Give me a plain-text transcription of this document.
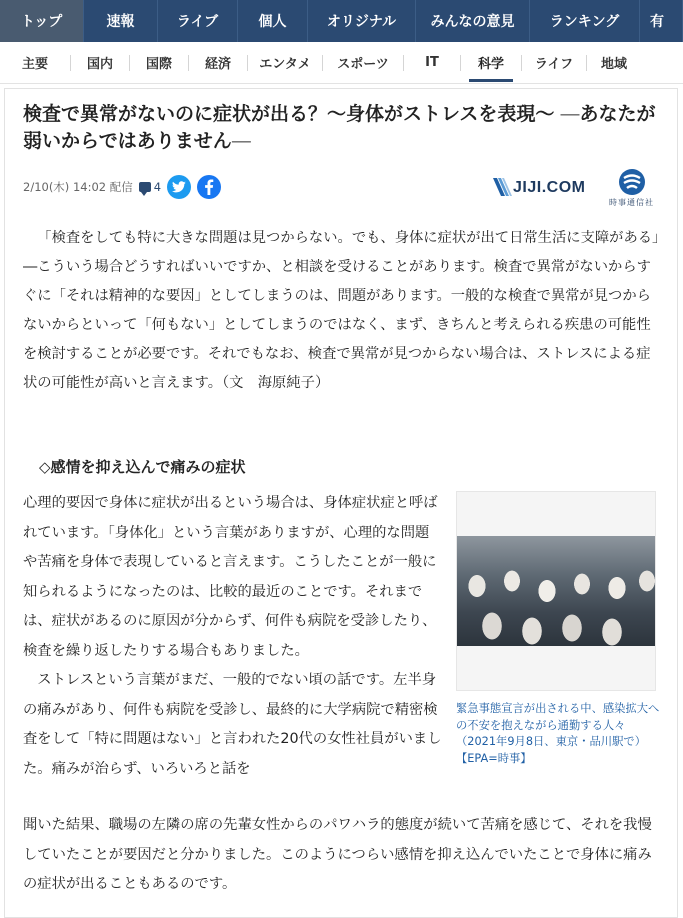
トップ	速報	ライブ	個人	オリジナル	みんなの意見	ランキング	有
主要	国内	国際	経済	エンタメ	スポーツ	IT	科学	ライフ	地域
検査で異常がないのに症状が出る？〜身体がストレスを表現〜 ―あなたが弱いからではありません―
2/10(木) 14:02 配信 4	JIJI.COM
時事通信社

「検査をしても特に大きな問題は見つからない。でも、身体に症状が出て日常生活に支障がある」―こういう場合どうすればいいですか、と相談を受けることがあります。検査で異常がないからすぐに「それは精神的な要因」としてしまうのは、問題があります。一般的な検査で異常が見つからないからといって「何もない」としてしまうのではなく、まず、きちんと考えられる疾患の可能性を検討することが必要です。それでもなお、検査で異常が見つからない場合は、ストレスによる症状の可能性が高いと言えます。（文　海原純子）

◇感情を抑え込んで痛みの症状

心理的要因で身体に症状が出るという場合は、身体症状症と呼ばれています。「身体化」という言葉がありますが、心理的な問題や苦痛を身体で表現していると言えます。こうしたことが一般に知られるようになったのは、比較的最近のことです。それまでは、症状があるのに原因が分からず、何件も病院を受診したり、検査を繰り返したりする場合もありました。

ストレスという言葉がまだ、一般的でない頃の話です。左半身の痛みがあり、何件も病院を受診し、最終的に大学病院で精密検査をして「特に問題はない」と言われた20代の女性社員がいました。痛みが治らず、いろいろと話を

緊急事態宣言が出される中、感染拡大への不安を抱えながら通勤する人々（2021年9月8日、東京・品川駅で）【EPA=時事】

聞いた結果、職場の左隣の席の先輩女性からのパワハラ的態度が続いて苦痛を感じて、それを我慢していたことが要因だと分かりました。このようにつらい感情を抑え込んでいたことで身体に痛みの症状が出ることもあるのです。
